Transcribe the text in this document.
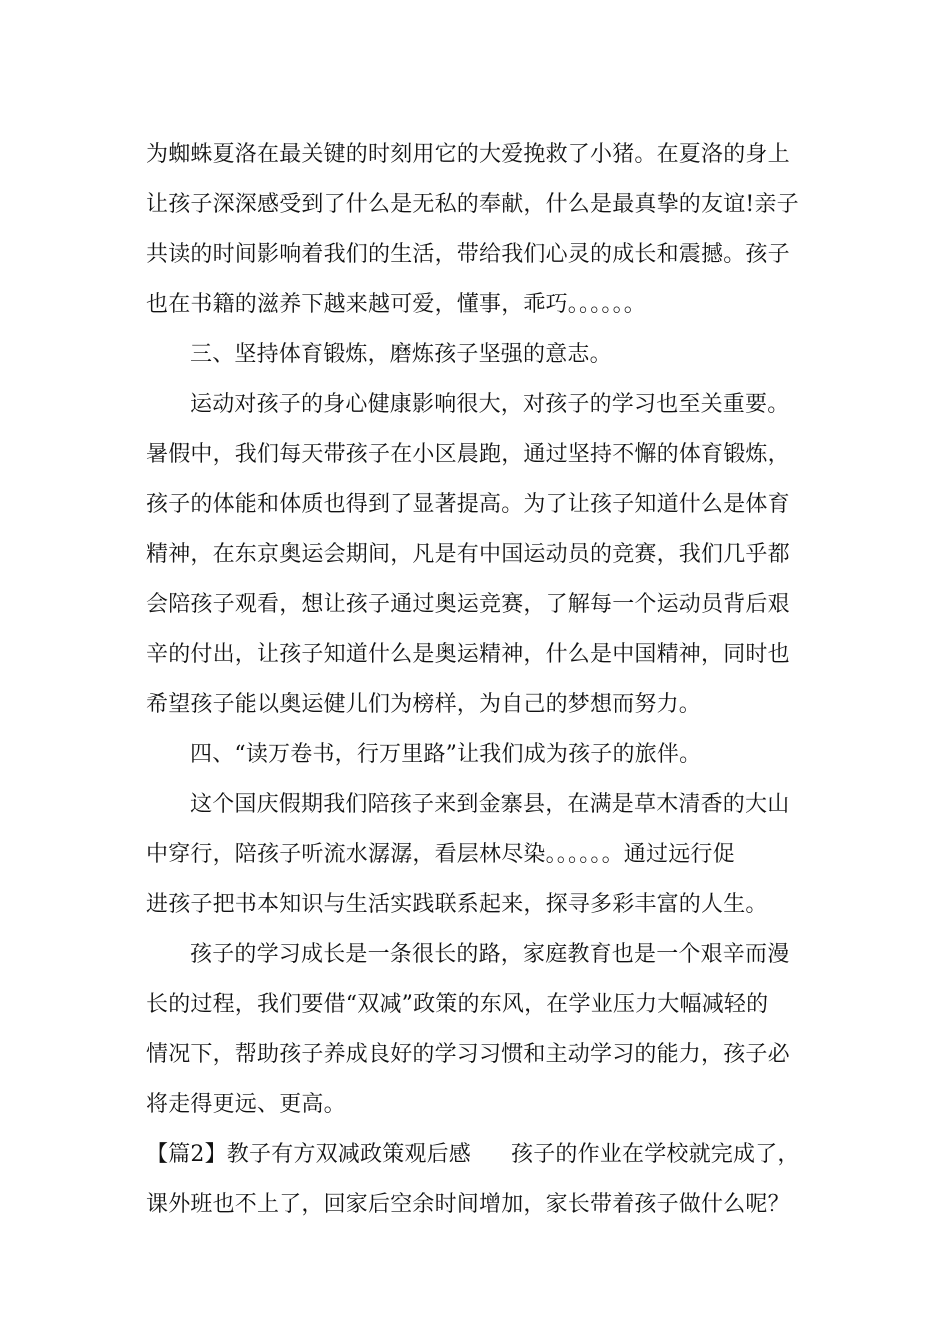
为蜘蛛夏洛在最关键的时刻用它的大爱挽救了小猪。在夏洛的身上
让孩子深深感受到了什么是无私的奉献，什么是最真挚的友谊!亲子
共读的时间影响着我们的生活，带给我们心灵的成长和震撼。孩子
也在书籍的滋养下越来越可爱，懂事，乖巧。。。。。。
三、坚持体育锻炼，磨炼孩子坚强的意志。
运动对孩子的身心健康影响很大，对孩子的学习也至关重要。
暑假中，我们每天带孩子在小区晨跑，通过坚持不懈的体育锻炼，
孩子的体能和体质也得到了显著提高。为了让孩子知道什么是体育
精神，在东京奥运会期间，凡是有中国运动员的竞赛，我们几乎都
会陪孩子观看，想让孩子通过奥运竞赛，了解每一个运动员背后艰
辛的付出，让孩子知道什么是奥运精神，什么是中国精神，同时也
希望孩子能以奥运健儿们为榜样，为自己的梦想而努力。
四、“读万卷书，行万里路”让我们成为孩子的旅伴。
这个国庆假期我们陪孩子来到金寨县，在满是草木清香的大山
中穿行，陪孩子听流水潺潺，看层林尽染。。。。。。通过远行促
进孩子把书本知识与生活实践联系起来，探寻多彩丰富的人生。
孩子的学习成长是一条很长的路，家庭教育也是一个艰辛而漫
长的过程，我们要借“双减”政策的东风，在学业压力大幅减轻的
情况下，帮助孩子养成良好的学习习惯和主动学习的能力，孩子必
将走得更远、更高。
【篇2】教子有方双减政策观后感 孩子的作业在学校就完成了，
课外班也不上了，回家后空余时间增加，家长带着孩子做什么呢？
